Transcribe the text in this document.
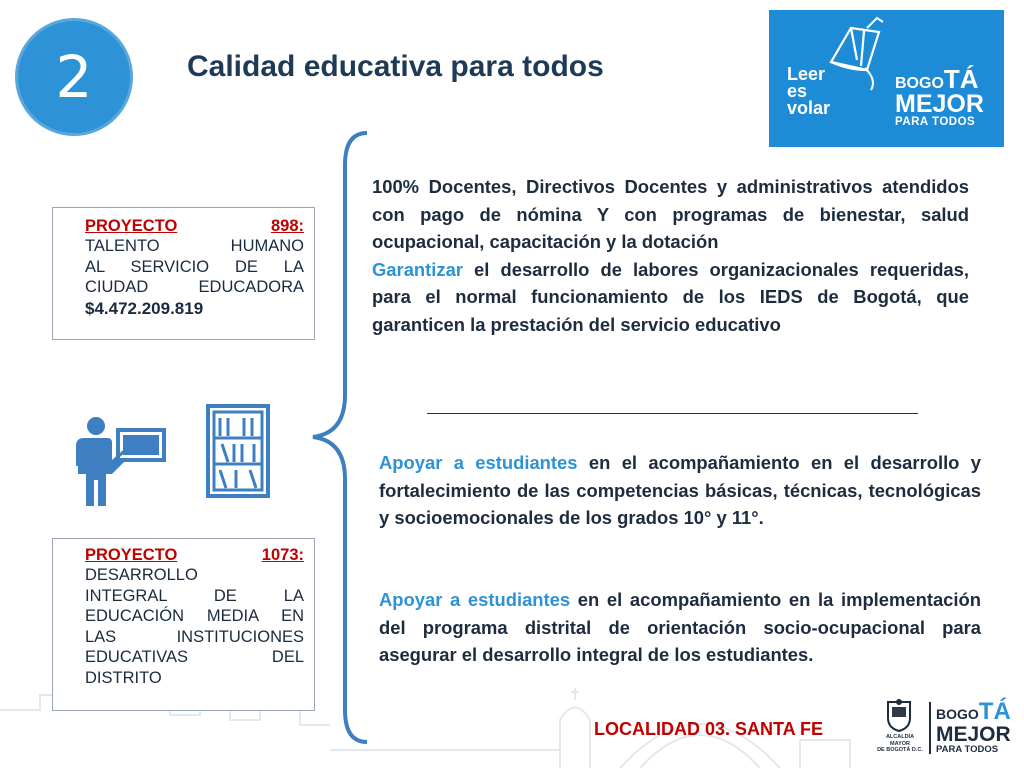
2	Calidad educativa para todos	Leer
es
volar
BOGOTÁ
MEJOR
PARA TODOS
PROYECTO	898:
TALENTO HUMANO
AL SERVICIO DE LA
CIUDAD EDUCADORA
$4.472.209.819
PROYECTO	1073:
DESARROLLO
INTEGRAL DE LA
EDUCACIÓN MEDIA EN
LAS INSTITUCIONES
EDUCATIVAS DEL
DISTRITO
100% Docentes, Directivos Docentes y administrativos atendidos con pago de nómina Y con programas de bienestar, salud ocupacional, capacitación y la dotación
Garantizar el desarrollo de labores organizacionales requeridas, para el normal funcionamiento de los IEDS de Bogotá, que garanticen la prestación del servicio educativo
Apoyar a estudiantes en el acompañamiento en el desarrollo y fortalecimiento de las competencias básicas, técnicas, tecnológicas y socioemocionales de los grados 10° y 11°.
Apoyar a estudiantes en el acompañamiento en la implementación del programa distrital de orientación socio-ocupacional para asegurar el desarrollo integral de los estudiantes.
LOCALIDAD 03. SANTA FE	ALCALDÍA MAYOR
DE BOGOTÁ D.C.
BOGOTÁ
MEJOR
PARA TODOS
